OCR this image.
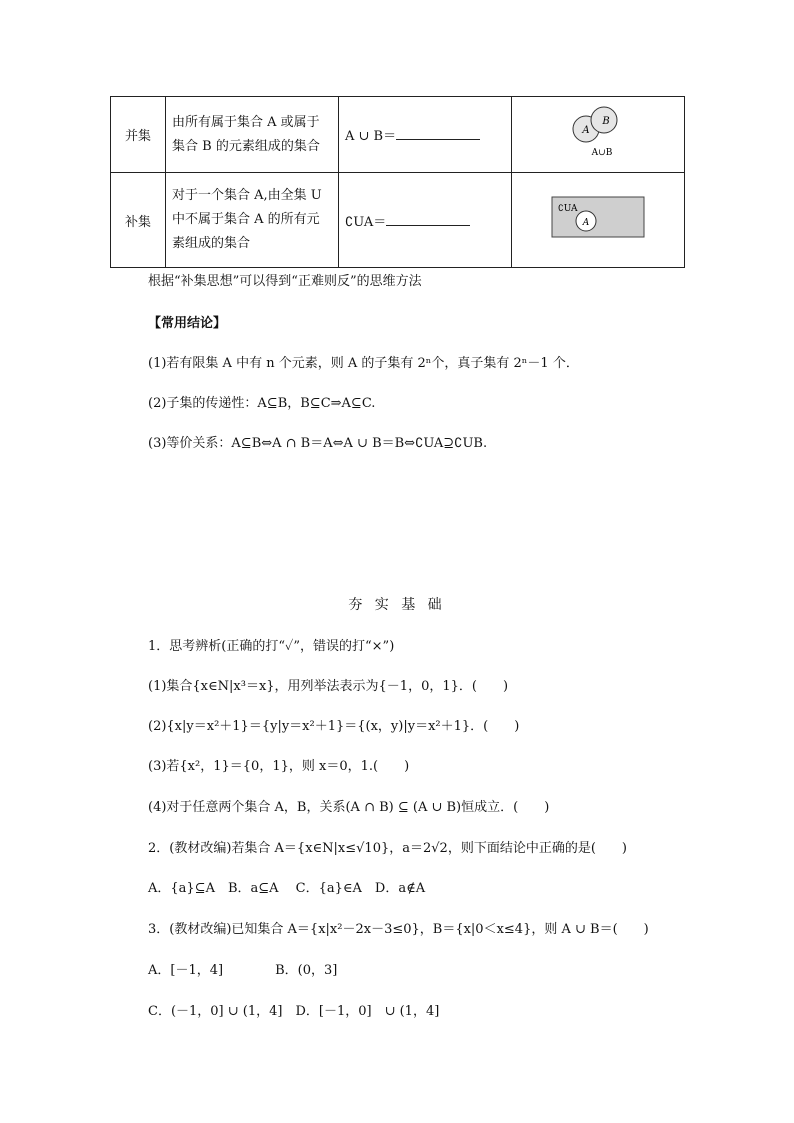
并集	由所有属于集合 A 或属于集合 B 的元素组成的集合	A ∪ B＝	A
B
A∪B

补集	对于一个集合 A,由全集 U 中不属于集合 A 的所有元素组成的集合	∁UA＝	∁UA
A
根据“补集思想”可以得到“正难则反”的思维方法
【常用结论】
(1)若有限集 A 中有 n 个元素，则 A 的子集有 2ⁿ个，真子集有 2ⁿ－1 个．
(2)子集的传递性：A⊆B，B⊆C⇒A⊆C.
(3)等价关系：A⊆B⇔A ∩ B＝A⇔A ∪ B＝B⇔∁UA⊇∁UB.
夯 实 基 础
1．思考辨析(正确的打“✓”，错误的打“×”)
(1)集合{x∈N|x³＝x}，用列举法表示为{－1，0，1}．(　　)
(2){x|y＝x²＋1}＝{y|y＝x²＋1}＝{(x，y)|y＝x²＋1}．(　　)
(3)若{x²，1}＝{0，1}，则 x＝0，1.(　　)
(4)对于任意两个集合 A，B，关系(A ∩ B) ⊆ (A ∪ B)恒成立．(　　)
2．(教材改编)若集合 A＝{x∈N|x≤√10}，a＝2√2，则下面结论中正确的是(　　)
A．{a}⊆A　B．a⊆A　 C．{a}∈A　D．a∉A
3．(教材改编)已知集合 A＝{x|x²－2x－3≤0}，B＝{x|0＜x≤4}，则 A ∪ B＝(　　)
A．[－1，4]　　　　B．(0，3]
C．(－1，0] ∪ (1，4]　D．[－1，0]　∪ (1，4]
